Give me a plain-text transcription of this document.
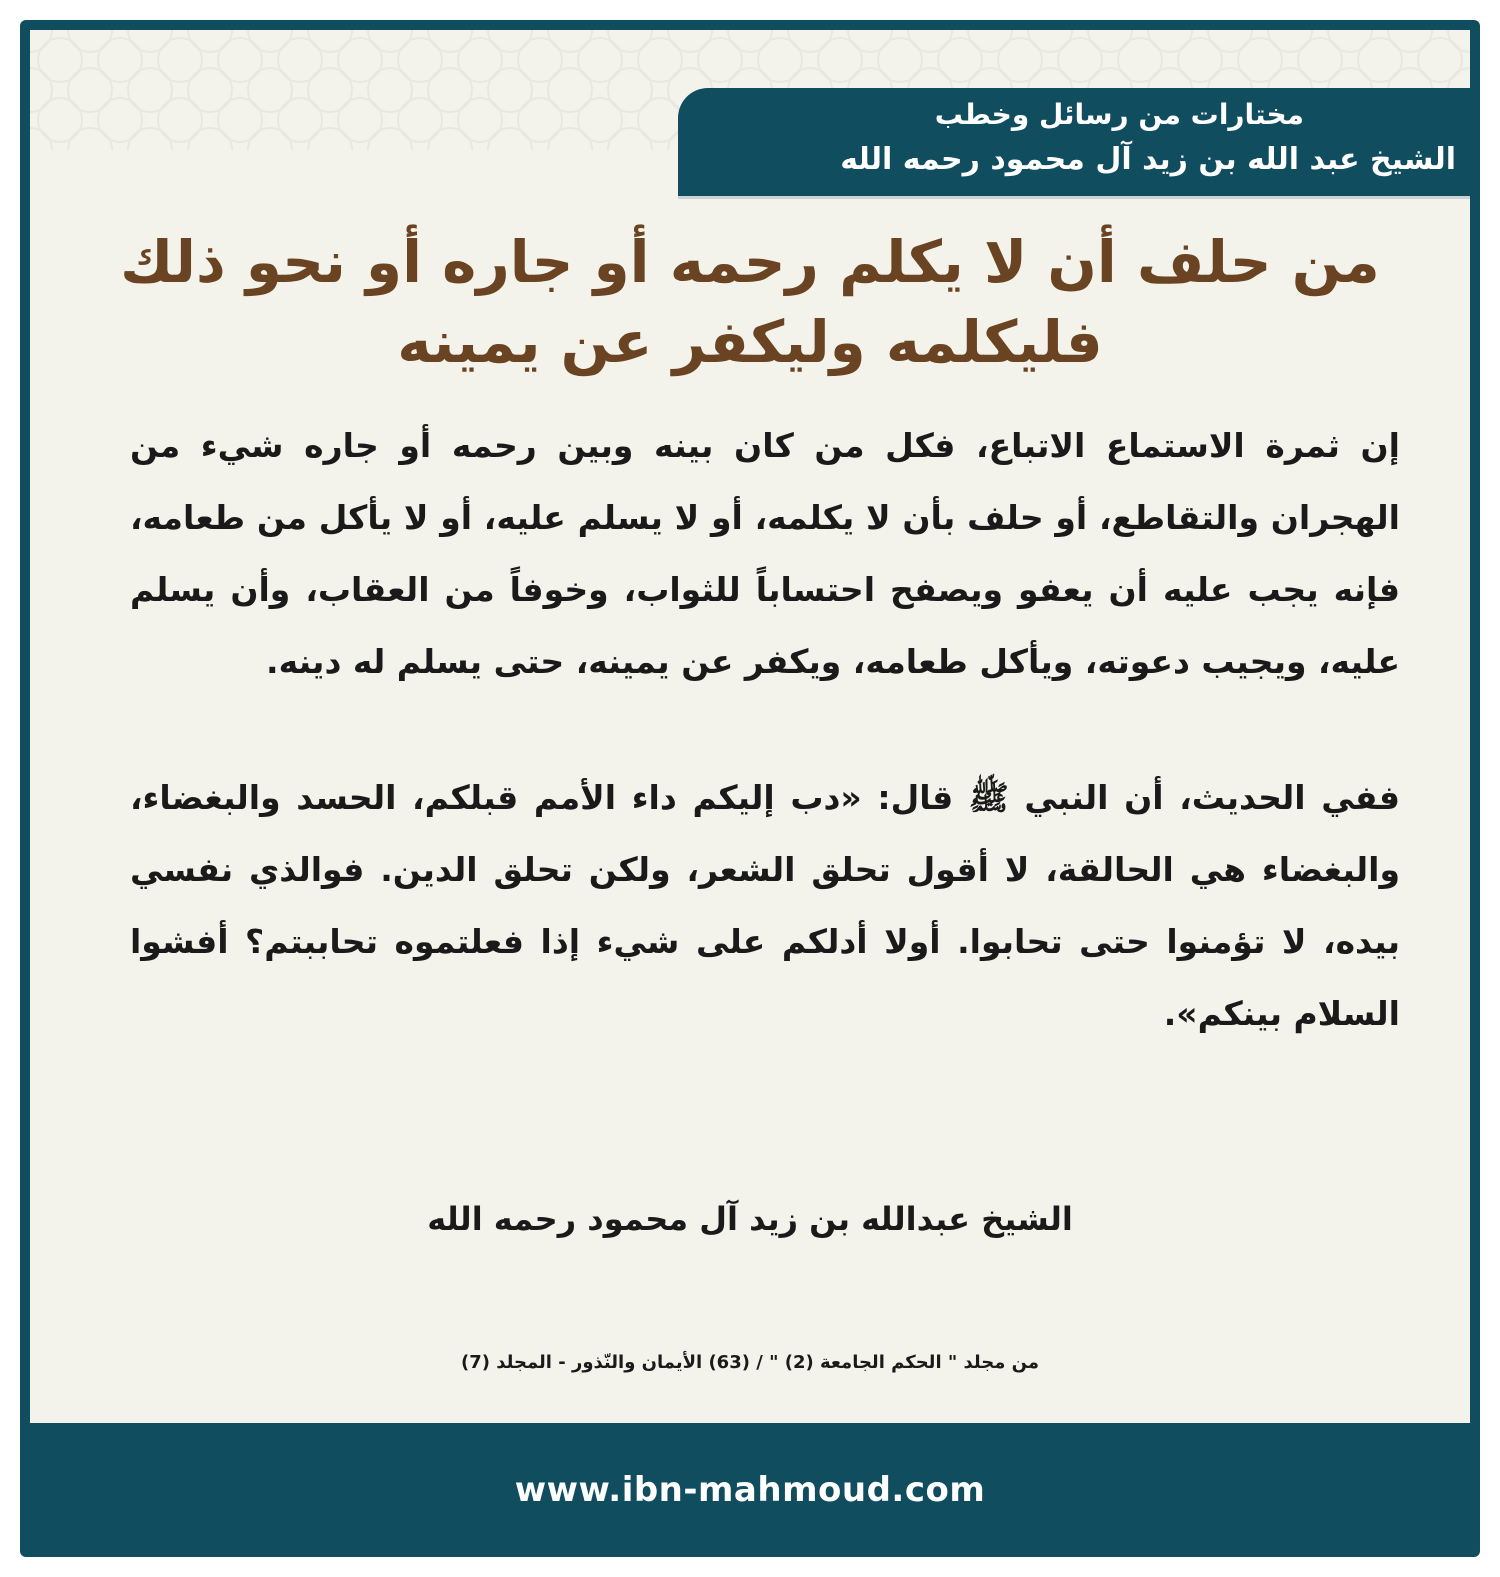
مختارات من رسائل وخطب
الشيخ عبد الله بن زيد آل محمود رحمه الله
من حلف أن لا يكلم رحمه أو جاره أو نحو ذلك فليكلمه وليكفر عن يمينه

إن ثمرة الاستماع الاتباع، فكل من كان بينه وبين رحمه أو جاره شيء من الهجران والتقاطع، أو حلف بأن لا يكلمه، أو لا يسلم عليه، أو لا يأكل من طعامه، فإنه يجب عليه أن يعفو ويصفح احتساباً للثواب، وخوفاً من العقاب، وأن يسلم عليه، ويجيب دعوته، ويأكل طعامه، ويكفر عن يمينه، حتى يسلم له دينه.

ففي الحديث، أن النبي ﷺ قال: «دب إليكم داء الأمم قبلكم، الحسد والبغضاء، والبغضاء هي الحالقة، لا أقول تحلق الشعر، ولكن تحلق الدين. فوالذي نفسي بيده، لا تؤمنوا حتى تحابوا. أولا أدلكم على شيء إذا فعلتموه تحاببتم؟ أفشوا السلام بينكم».

الشيخ عبدالله بن زيد آل محمود رحمه الله
من مجلد " الحكم الجامعة (2) " / (63) الأيمان والنّذور - المجلد (7)
www.ibn-mahmoud.com
